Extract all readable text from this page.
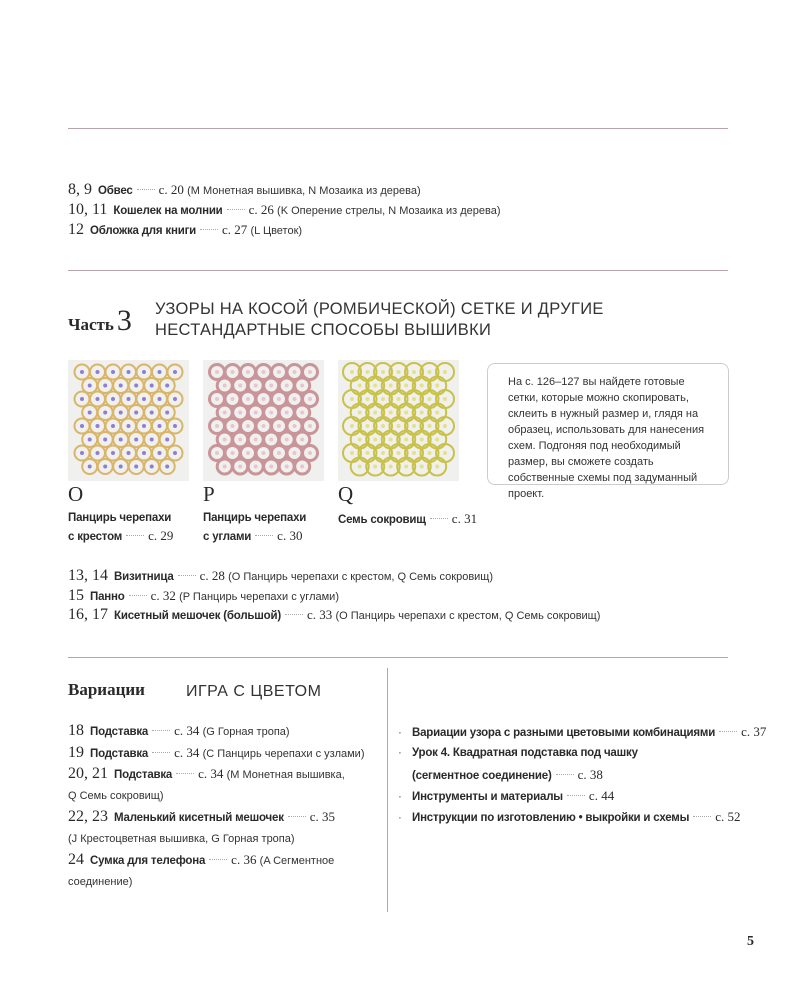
8, 9 Обвес с. 20 (M Монетная вышивка, N Мозаика из дерева)
10, 11 Кошелек на молнии с. 26 (K Оперение стрелы, N Мозаика из дерева)
12 Обложка для книги с. 27 (L Цветок)
Часть 3 УЗОРЫ НА КОСОЙ (РОМБИЧЕСКОЙ) СЕТКЕ И ДРУГИЕ
НЕСТАНДАРТНЫЕ СПОСОБЫ ВЫШИВКИ
O
Панцирь черепахи
с крестом с. 29
P
Панцирь черепахи
с углами с. 30
Q
Семь сокровищ с. 31
На с. 126–127 вы найдете готовые сетки, которые можно скопировать, склеить в нужный размер и, глядя на образец, использовать для нанесения схем. Подгоняя под необходимый размер, вы сможете создать собственные схемы под задуманный проект.
13, 14 Визитница с. 28 (O Панцирь черепахи с крестом, Q Семь сокровищ)
15 Панно с. 32 (P Панцирь черепахи с углами)
16, 17 Кисетный мешочек (большой) с. 33 (O Панцирь черепахи с крестом, Q Семь сокровищ)
Вариации	ИГРА С ЦВЕТОМ
18 Подставка с. 34 (G Горная тропа)
19 Подставка с. 34 (C Панцирь черепахи с узлами)
20, 21 Подставка с. 34 (M Монетная вышивка,
Q Семь сокровищ)
22, 23 Маленький кисетный мешочек с. 35
(J Крестоцветная вышивка, G Горная тропа)
24 Сумка для телефона с. 36 (A Сегментное
соединение)
· Вариации узора с разными цветовыми комбинациями с. 37
· Урок 4. Квадратная подставка под чашку
(сегментное соединение) с. 38
· Инструменты и материалы с. 44
· Инструкции по изготовлению • выкройки и схемы с. 52
5
